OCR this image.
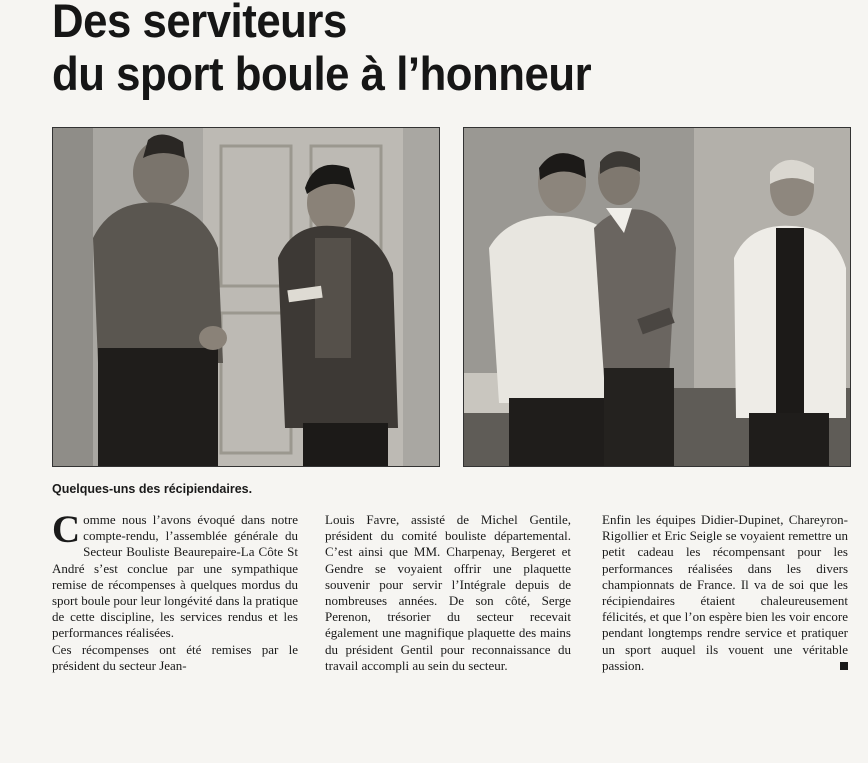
Des serviteurs
du sport boule à l’honneur
Quelques-uns des récipiendaires.

Comme nous l’avons évoqué dans notre compte-rendu, l’assemblée générale du Secteur Bouliste Beaurepaire-La Côte St André s’est conclue par une sympathique remise de récompenses à quelques mordus du sport boule pour leur longévité dans la pratique de cette discipline, les services rendus et les performances réalisées.

Ces récompenses ont été remises par le président du secteur Jean-

Louis Favre, assisté de Michel Gentile, président du comité bouliste départemental. C’est ainsi que MM. Charpenay, Bergeret et Gendre se voyaient offrir une plaquette souvenir pour servir l’Intégrale depuis de nombreuses années. De son côté, Serge Perenon, trésorier du secteur recevait également une magnifique plaquette des mains du président Gentil pour reconnaissance du travail accompli au sein du secteur.

Enfin les équipes Didier-Dupinet, Chareyron-Rigollier et Eric Seigle se voyaient remettre un petit cadeau les récompensant pour les performances réalisées dans les divers championnats de France. Il va de soi que les récipiendaires étaient chaleureusement félicités, et que l’on espère bien les voir encore pendant longtemps rendre service et pratiquer un sport auquel ils vouent une véritable passion.
